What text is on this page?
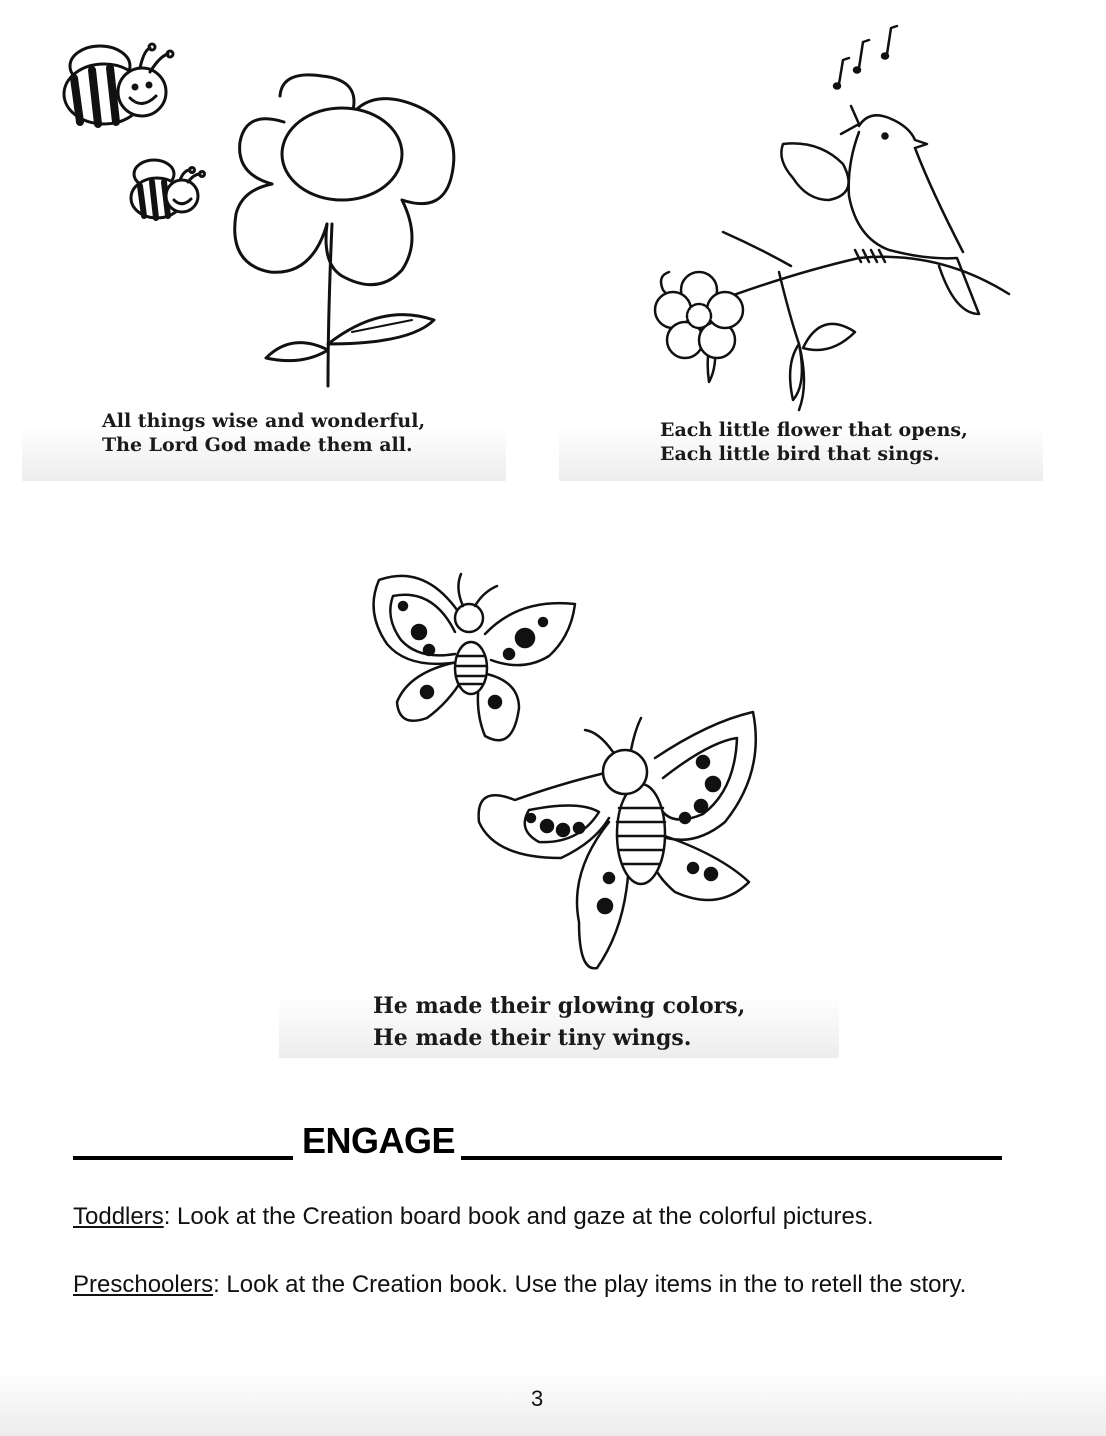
All things wise and wonderful,
The Lord God made them all.
Each little flower that opens,
Each little bird that sings.
He made their glowing colors,
He made their tiny wings.
ENGAGE
Toddlers: Look at the Creation board book and gaze at the colorful pictures.
Preschoolers: Look at the Creation book. Use the play items in the to retell the story.
3
